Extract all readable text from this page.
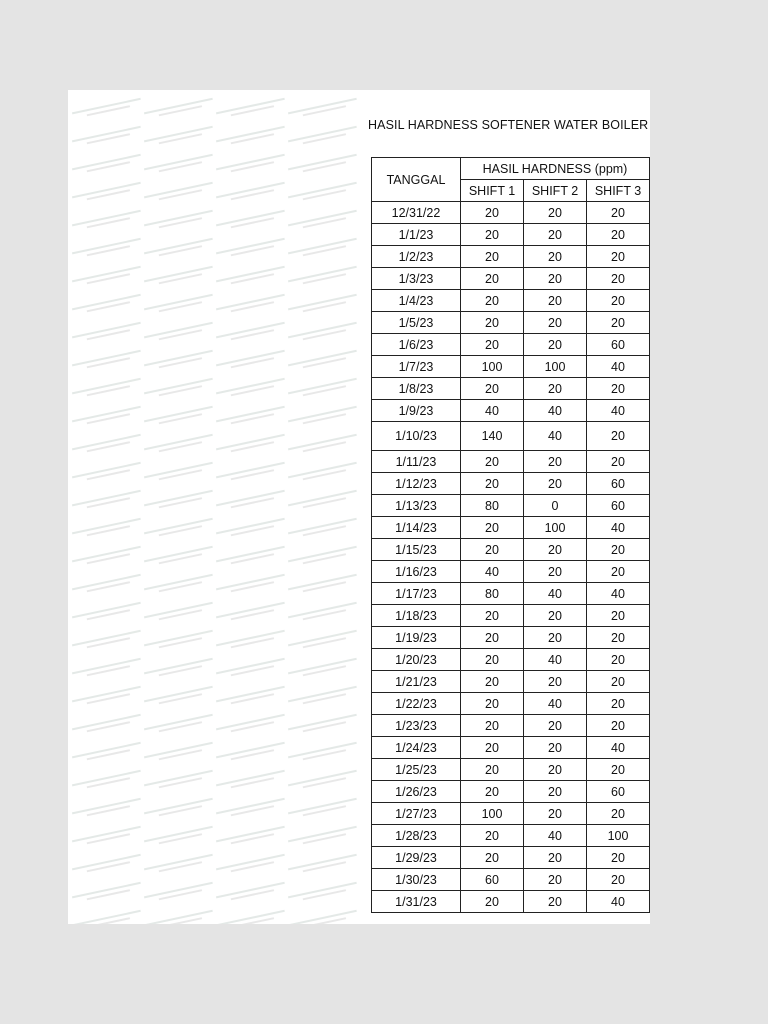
HASIL HARDNESS SOFTENER WATER BOILER
TANGGAL	HASIL HARDNESS (ppm)		
	SHIFT 1	SHIFT 2	SHIFT 3
12/31/22	20	20	20
1/1/23	20	20	20
1/2/23	20	20	20
1/3/23	20	20	20
1/4/23	20	20	20
1/5/23	20	20	20
1/6/23	20	20	60
1/7/23	100	100	40
1/8/23	20	20	20
1/9/23	40	40	40
1/10/23	140	40	20
1/11/23	20	20	20
1/12/23	20	20	60
1/13/23	80	0	60
1/14/23	20	100	40
1/15/23	20	20	20
1/16/23	40	20	20
1/17/23	80	40	40
1/18/23	20	20	20
1/19/23	20	20	20
1/20/23	20	40	20
1/21/23	20	20	20
1/22/23	20	40	20
1/23/23	20	20	20
1/24/23	20	20	40
1/25/23	20	20	20
1/26/23	20	20	60
1/27/23	100	20	20
1/28/23	20	40	100
1/29/23	20	20	20
1/30/23	60	20	20
1/31/23	20	20	40
